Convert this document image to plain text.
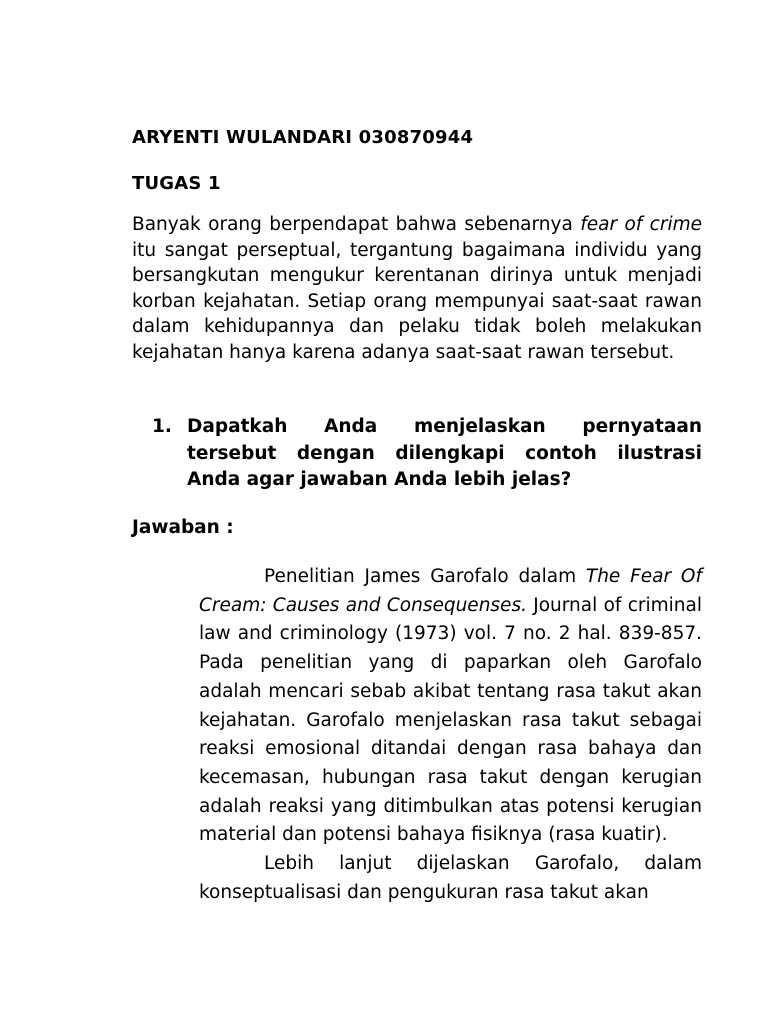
ARYENTI WULANDARI 030870944
TUGAS 1

Banyak orang berpendapat bahwa sebenarnya fear of crime itu sangat perseptual, tergantung bagaimana individu yang bersangkutan mengukur kerentanan dirinya untuk menjadi korban kejahatan. Setiap orang mempunyai saat-saat rawan dalam kehidupannya dan pelaku tidak boleh melakukan kejahatan hanya karena adanya saat-saat rawan tersebut.

1. Dapatkah Anda menjelaskan pernyataan tersebut dengan dilengkapi contoh ilustrasi Anda agar jawaban Anda lebih jelas?
Jawaban :

Penelitian James Garofalo dalam The Fear Of Cream: Causes and Consequenses. Journal of criminal law and criminology (1973) vol. 7 no. 2 hal. 839-857. Pada penelitian yang di paparkan oleh Garofalo adalah mencari sebab akibat tentang rasa takut akan kejahatan. Garofalo menjelaskan rasa takut sebagai reaksi emosional ditandai dengan rasa bahaya dan kecemasan, hubungan rasa takut dengan kerugian adalah reaksi yang ditimbulkan atas potensi kerugian material dan potensi bahaya fisiknya (rasa kuatir).

Lebih lanjut dijelaskan Garofalo, dalam konseptualisasi dan pengukuran rasa takut akan
